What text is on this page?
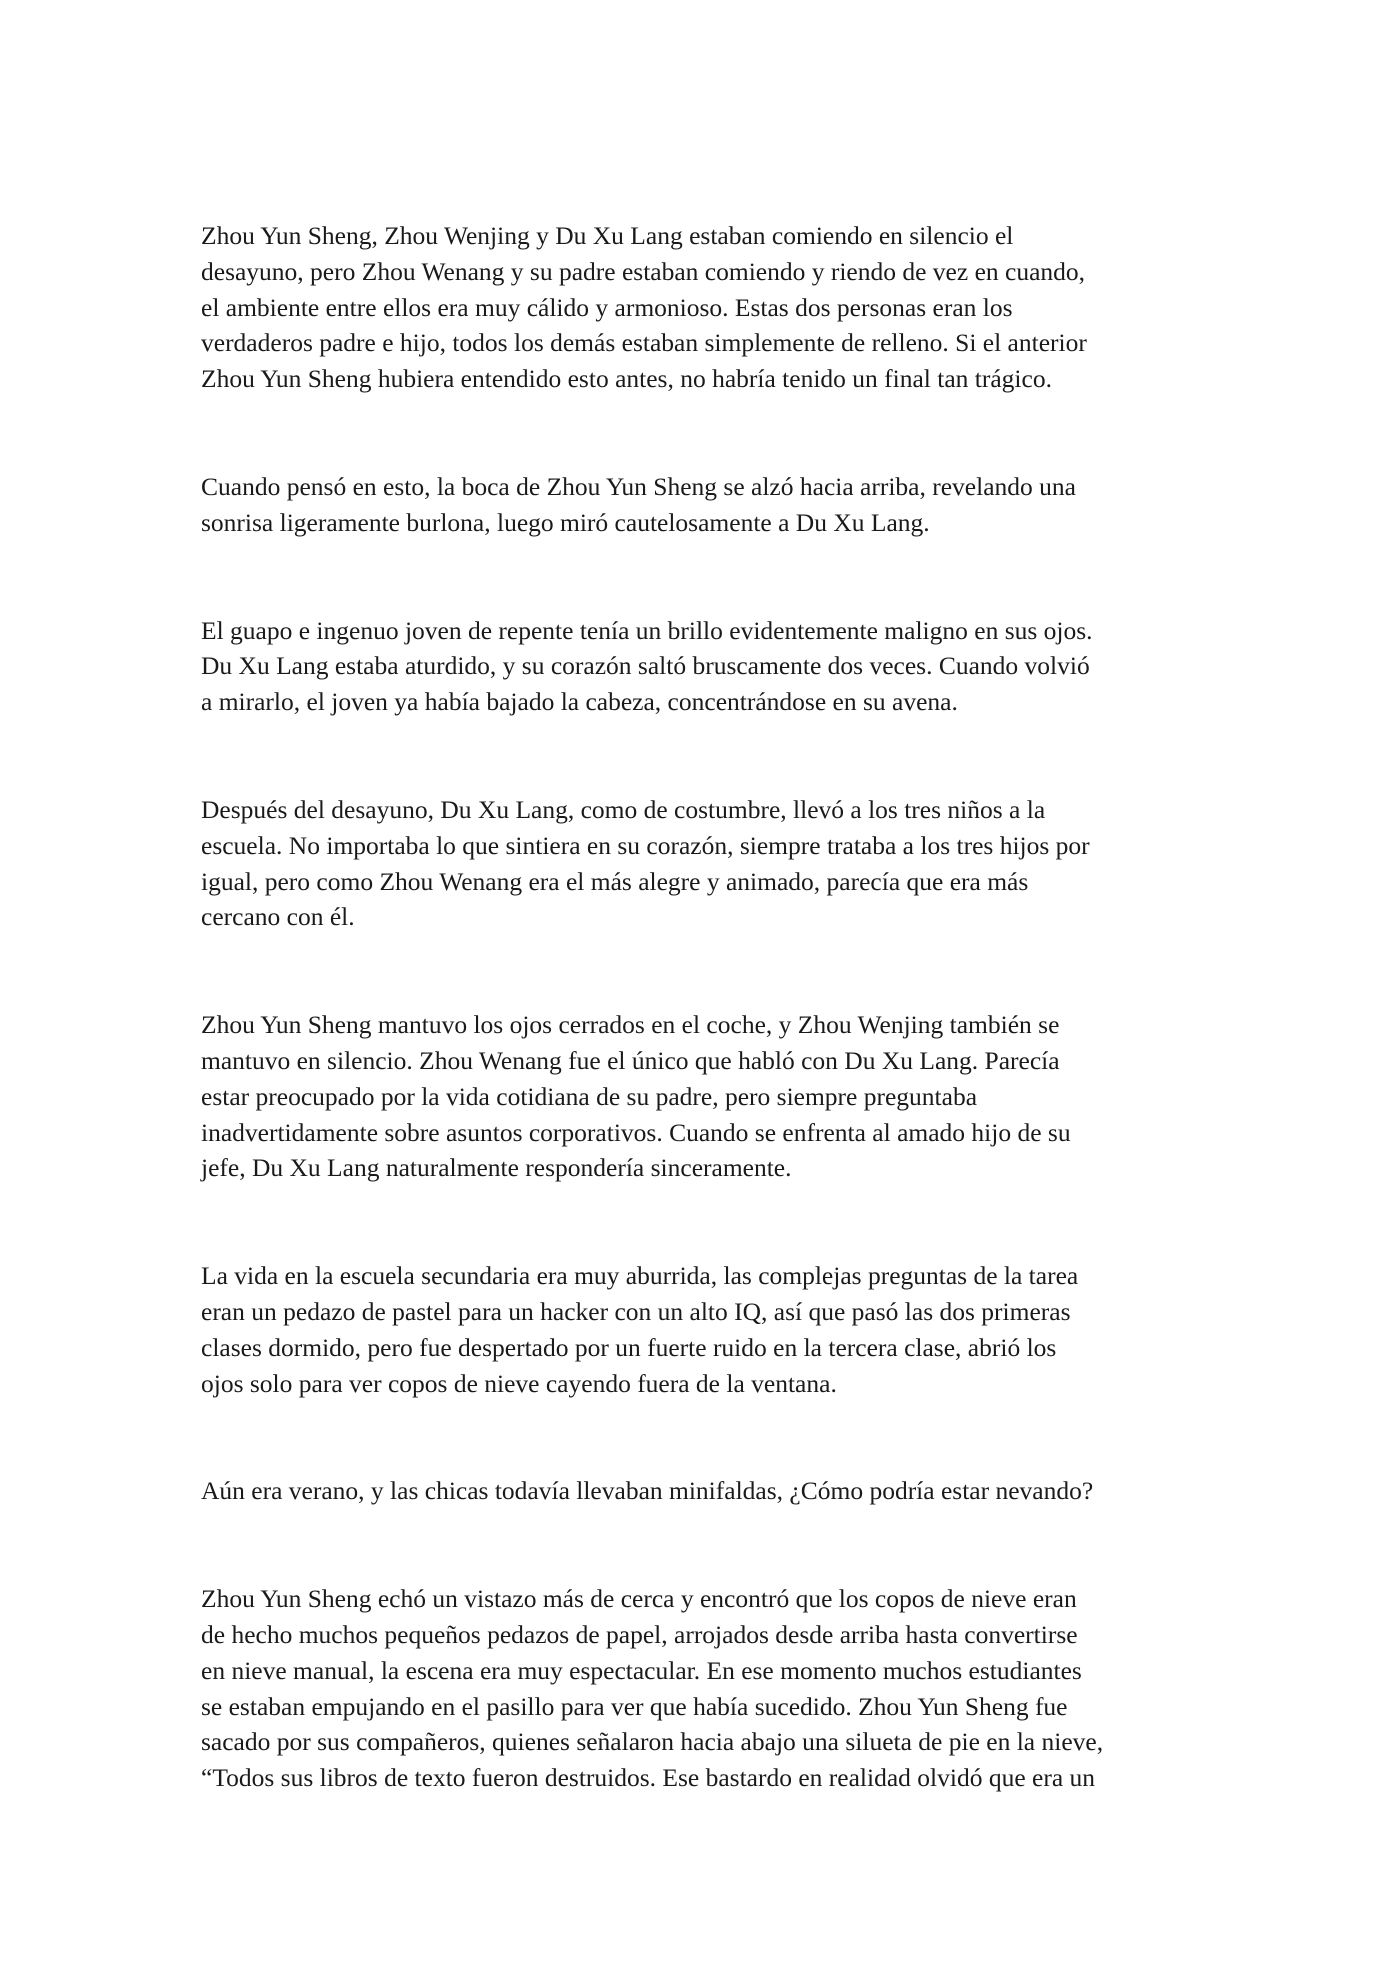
Zhou Yun Sheng, Zhou Wenjing y Du Xu Lang estaban comiendo en silencio el
desayuno, pero Zhou Wenang y su padre estaban comiendo y riendo de vez en cuando,
el ambiente entre ellos era muy cálido y armonioso. Estas dos personas eran los
verdaderos padre e hijo, todos los demás estaban simplemente de relleno. Si el anterior
Zhou Yun Sheng hubiera entendido esto antes, no habría tenido un final tan trágico.

Cuando pensó en esto, la boca de Zhou Yun Sheng se alzó hacia arriba, revelando una
sonrisa ligeramente burlona, luego miró cautelosamente a Du Xu Lang.

El guapo e ingenuo joven de repente tenía un brillo evidentemente maligno en sus ojos.
Du Xu Lang estaba aturdido, y su corazón saltó bruscamente dos veces. Cuando volvió
a mirarlo, el joven ya había bajado la cabeza, concentrándose en su avena.

Después del desayuno, Du Xu Lang, como de costumbre, llevó a los tres niños a la
escuela. No importaba lo que sintiera en su corazón, siempre trataba a los tres hijos por
igual, pero como Zhou Wenang era el más alegre y animado, parecía que era más
cercano con él.

Zhou Yun Sheng mantuvo los ojos cerrados en el coche, y Zhou Wenjing también se
mantuvo en silencio. Zhou Wenang fue el único que habló con Du Xu Lang. Parecía
estar preocupado por la vida cotidiana de su padre, pero siempre preguntaba
inadvertidamente sobre asuntos corporativos. Cuando se enfrenta al amado hijo de su
jefe, Du Xu Lang naturalmente respondería sinceramente.

La vida en la escuela secundaria era muy aburrida, las complejas preguntas de la tarea
eran un pedazo de pastel para un hacker con un alto IQ, así que pasó las dos primeras
clases dormido, pero fue despertado por un fuerte ruido en la tercera clase, abrió los
ojos solo para ver copos de nieve cayendo fuera de la ventana.

Aún era verano, y las chicas todavía llevaban minifaldas, ¿Cómo podría estar nevando?

Zhou Yun Sheng echó un vistazo más de cerca y encontró que los copos de nieve eran
de hecho muchos pequeños pedazos de papel, arrojados desde arriba hasta convertirse
en nieve manual, la escena era muy espectacular. En ese momento muchos estudiantes
se estaban empujando en el pasillo para ver que había sucedido. Zhou Yun Sheng fue
sacado por sus compañeros, quienes señalaron hacia abajo una silueta de pie en la nieve,
“Todos sus libros de texto fueron destruidos. Ese bastardo en realidad olvidó que era un
